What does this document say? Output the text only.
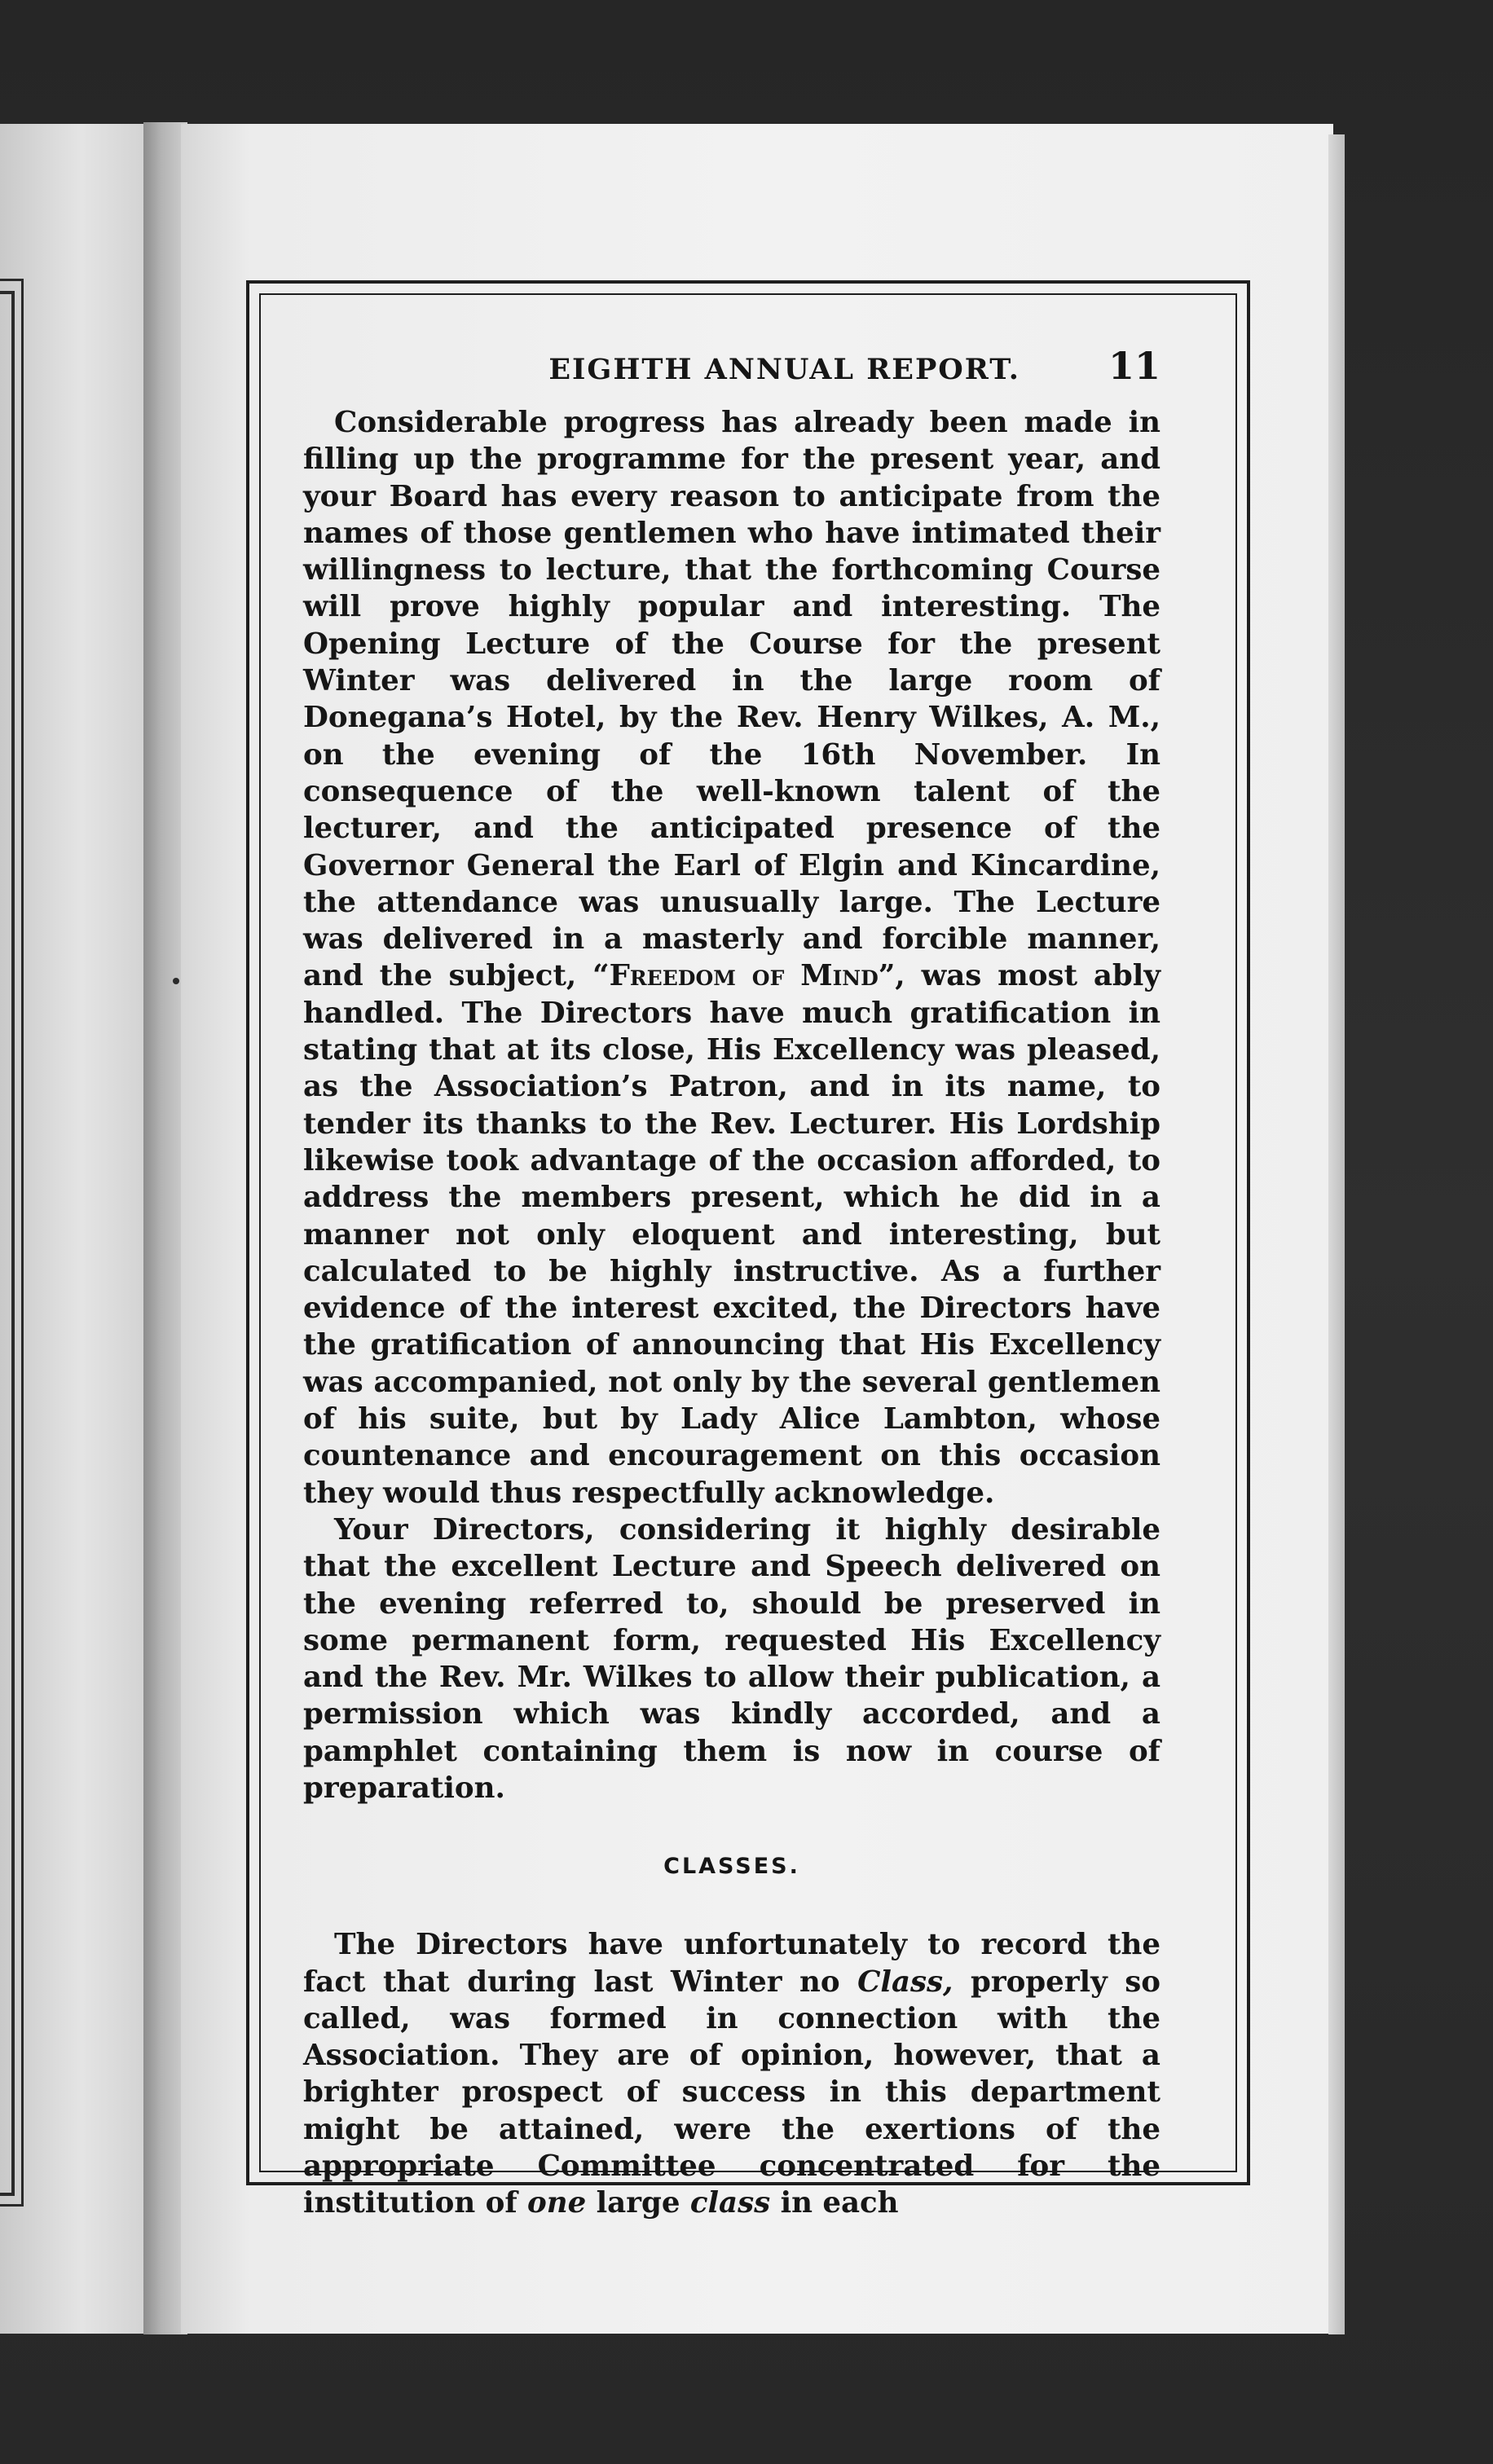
EIGHTH ANNUAL REPORT. 11

Considerable progress has already been made in filling up the programme for the present year, and your Board has every reason to anticipate from the names of those gentlemen who have intimated their willingness to lecture, that the forthcoming Course will prove highly popular and interesting. The Opening Lecture of the Course for the present Winter was delivered in the large room of Donegana’s Hotel, by the Rev. Henry Wilkes, A. M., on the evening of the 16th November. In consequence of the well-known talent of the lecturer, and the anticipated presence of the Governor General the Earl of Elgin and Kincardine, the attendance was unusually large. The Lecture was delivered in a masterly and forcible manner, and the subject, “Freedom of Mind”, was most ably handled. The Directors have much gratification in stating that at its close, His Excellency was pleased, as the Association’s Patron, and in its name, to tender its thanks to the Rev. Lecturer. His Lordship likewise took advantage of the occasion afforded, to address the members present, which he did in a manner not only eloquent and interesting, but calculated to be highly instructive. As a further evidence of the interest excited, the Directors have the gratification of announcing that His Excellency was accompanied, not only by the several gentlemen of his suite, but by Lady Alice Lambton, whose countenance and encouragement on this occasion they would thus respectfully acknowledge.

Your Directors, considering it highly desirable that the excellent Lecture and Speech delivered on the evening referred to, should be preserved in some permanent form, requested His Excellency and the Rev. Mr. Wilkes to allow their publication, a permission which was kindly accorded, and a pamphlet containing them is now in course of preparation.

CLASSES.

The Directors have unfortunately to record the fact that during last Winter no Class, properly so called, was formed in connection with the Association. They are of opinion, however, that a brighter prospect of success in this department might be attained, were the exertions of the appropriate Committee concentrated for the institution of one large class in each
